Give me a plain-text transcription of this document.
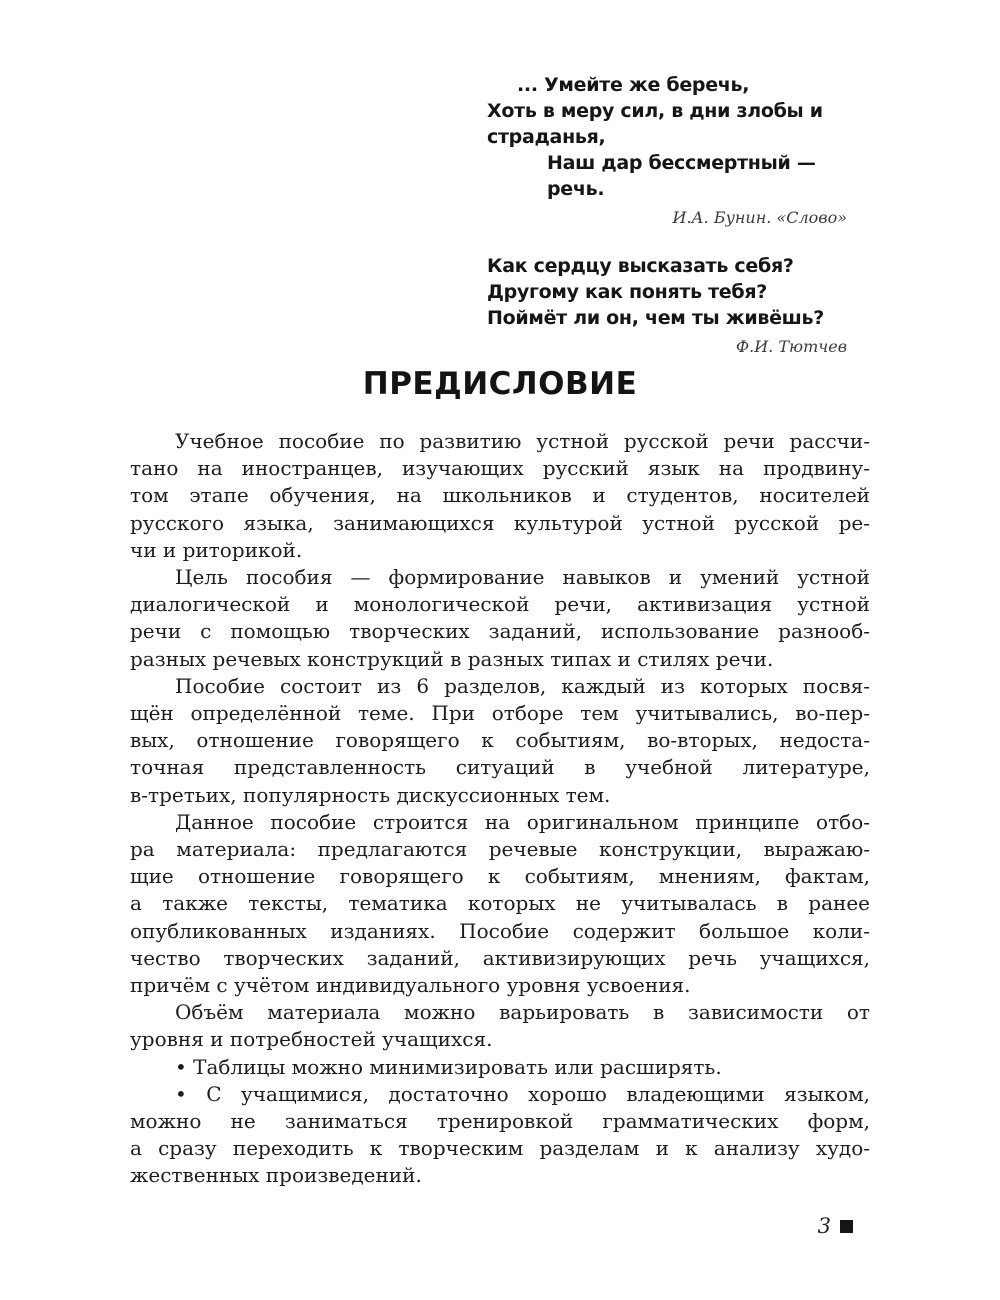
... Умейте же беречь,
Хоть в меру сил, в дни злобы и
страданья,
Наш дар бессмертный — речь.
И.А. Бунин. «Слово»
Как сердцу высказать себя?
Другому как понять тебя?
Поймёт ли он, чем ты живёшь?
Ф.И. Тютчев
ПРЕДИСЛОВИЕ
Учебное пособие по развитию устной русской речи рассчи-
тано на иностранцев, изучающих русский язык на продвину-
том этапе обучения, на школьников и студентов, носителей
русского языка, занимающихся культурой устной русской ре-
чи и риторикой.
Цель пособия — формирование навыков и умений устной
диалогической и монологической речи, активизация устной
речи с помощью творческих заданий, использование разнооб-
разных речевых конструкций в разных типах и стилях речи.
Пособие состоит из 6 разделов, каждый из которых посвя-
щён определённой теме. При отборе тем учитывались, во-пер-
вых, отношение говорящего к событиям, во-вторых, недоста-
точная представленность ситуаций в учебной литературе,
в-третьих, популярность дискуссионных тем.
Данное пособие строится на оригинальном принципе отбо-
ра материала: предлагаются речевые конструкции, выражаю-
щие отношение говорящего к событиям, мнениям, фактам,
а также тексты, тематика которых не учитывалась в ранее
опубликованных изданиях. Пособие содержит большое коли-
чество творческих заданий, активизирующих речь учащихся,
причём с учётом индивидуального уровня усвоения.
Объём материала можно варьировать в зависимости от
уровня и потребностей учащихся.
• Таблицы можно минимизировать или расширять.
• С учащимися, достаточно хорошо владеющими языком,
можно не заниматься тренировкой грамматических форм,
а сразу переходить к творческим разделам и к анализу худо-
жественных произведений.
3
